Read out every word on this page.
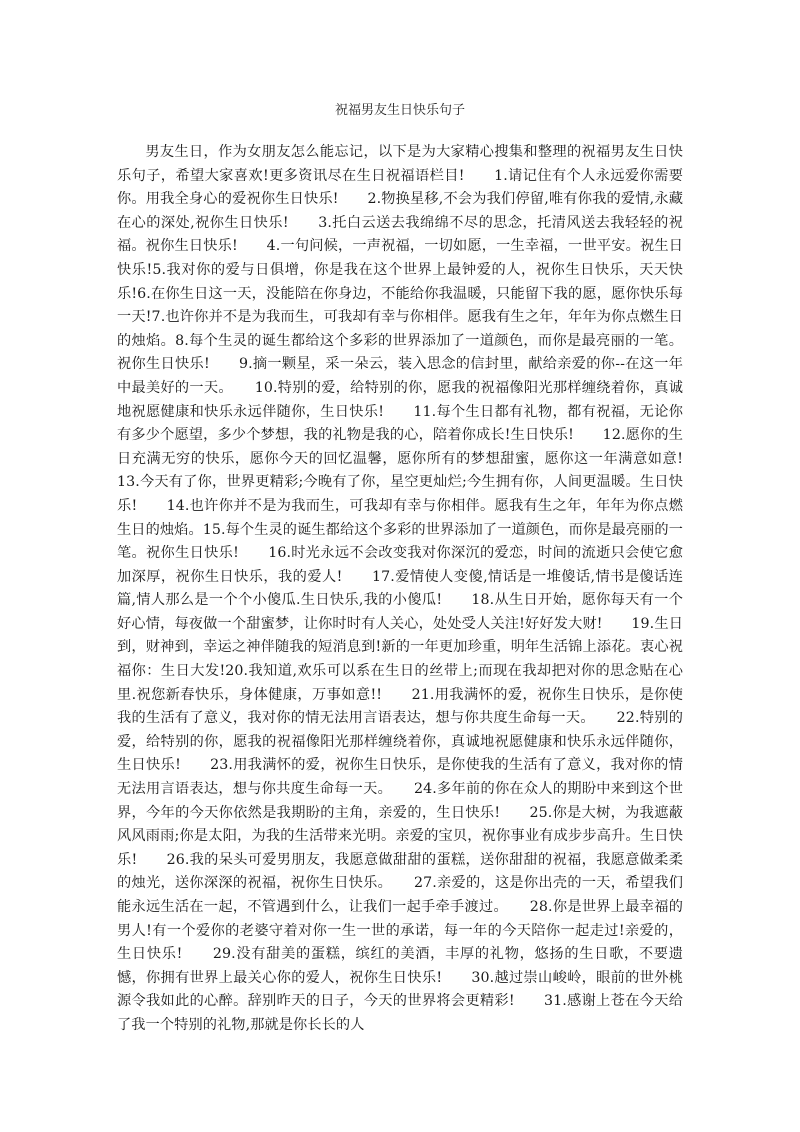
祝福男友生日快乐句子

男友生日，作为女朋友怎么能忘记，以下是为大家精心搜集和整理的祝福男友生日快乐句子，希望大家喜欢!更多资讯尽在生日祝福语栏目!　　1.请记住有个人永远爱你需要你。用我全身心的爱祝你生日快乐!　　2.物换星移,不会为我们停留,唯有你我的爱情,永藏在心的深处,祝你生日快乐!　　3.托白云送去我绵绵不尽的思念，托清风送去我轻轻的祝福。祝你生日快乐!　　4.一句问候，一声祝福，一切如愿，一生幸福，一世平安。祝生日快乐!5.我对你的爱与日俱增，你是我在这个世界上最钟爱的人，祝你生日快乐，天天快乐!6.在你生日这一天，没能陪在你身边，不能给你我温暖，只能留下我的愿，愿你快乐每一天!7.也许你并不是为我而生，可我却有幸与你相伴。愿我有生之年，年年为你点燃生日的烛焰。8.每个生灵的诞生都给这个多彩的世界添加了一道颜色，而你是最亮丽的一笔。祝你生日快乐!　　9.摘一颗星，采一朵云，装入思念的信封里，献给亲爱的你--在这一年中最美好的一天。　　10.特别的爱，给特别的你，愿我的祝福像阳光那样缠绕着你，真诚地祝愿健康和快乐永远伴随你，生日快乐!　　11.每个生日都有礼物，都有祝福，无论你有多少个愿望，多少个梦想，我的礼物是我的心，陪着你成长!生日快乐!　　12.愿你的生日充满无穷的快乐，愿你今天的回忆温馨，愿你所有的梦想甜蜜，愿你这一年满意如意!　　13.今天有了你，世界更精彩;今晚有了你，星空更灿烂;今生拥有你，人间更温暖。生日快乐!　　14.也许你并不是为我而生，可我却有幸与你相伴。愿我有生之年，年年为你点燃生日的烛焰。15.每个生灵的诞生都给这个多彩的世界添加了一道颜色，而你是最亮丽的一笔。祝你生日快乐!　　16.时光永远不会改变我对你深沉的爱恋，时间的流逝只会使它愈加深厚，祝你生日快乐，我的爱人!　　17.爱情使人变傻,情话是一堆傻话,情书是傻话连篇,情人那么是一个个小傻瓜.生日快乐,我的小傻瓜!　　18.从生日开始，愿你每天有一个好心情，每夜做一个甜蜜梦，让你时时有人关心，处处受人关注!好好发大财!　　19.生日到，财神到，幸运之神伴随我的短消息到!新的一年更加珍重，明年生活锦上添花。衷心祝福你：生日大发!20.我知道,欢乐可以系在生日的丝带上;而现在我却把对你的思念贴在心里.祝您新春快乐，身体健康，万事如意!!　　21.用我满怀的爱，祝你生日快乐，是你使我的生活有了意义，我对你的情无法用言语表达，想与你共度生命每一天。　　22.特别的爱，给特别的你，愿我的祝福像阳光那样缠绕着你，真诚地祝愿健康和快乐永远伴随你，生日快乐!　　23.用我满怀的爱，祝你生日快乐，是你使我的生活有了意义，我对你的情无法用言语表达，想与你共度生命每一天。　　24.多年前的你在众人的期盼中来到这个世界，今年的今天你依然是我期盼的主角，亲爱的，生日快乐!　　25.你是大树，为我遮蔽风风雨雨;你是太阳，为我的生活带来光明。亲爱的宝贝，祝你事业有成步步高升。生日快乐!　　26.我的呆头可爱男朋友，我愿意做甜甜的蛋糕，送你甜甜的祝福，我愿意做柔柔的烛光，送你深深的祝福，祝你生日快乐。　　27.亲爱的，这是你出壳的一天，希望我们能永远生活在一起，不管遇到什么，让我们一起手牵手渡过。　　28.你是世界上最幸福的男人!有一个爱你的老婆守着对你一生一世的承诺，每一年的今天陪你一起走过!亲爱的，生日快乐!　　29.没有甜美的蛋糕，缤红的美酒，丰厚的礼物，悠扬的生日歌，不要遗憾，你拥有世界上最关心你的爱人，祝你生日快乐!　　30.越过崇山峻岭，眼前的世外桃源令我如此的心醉。辞别昨天的日子，今天的世界将会更精彩!　　31.感谢上苍在今天给了我一个特别的礼物,那就是你长长的人
